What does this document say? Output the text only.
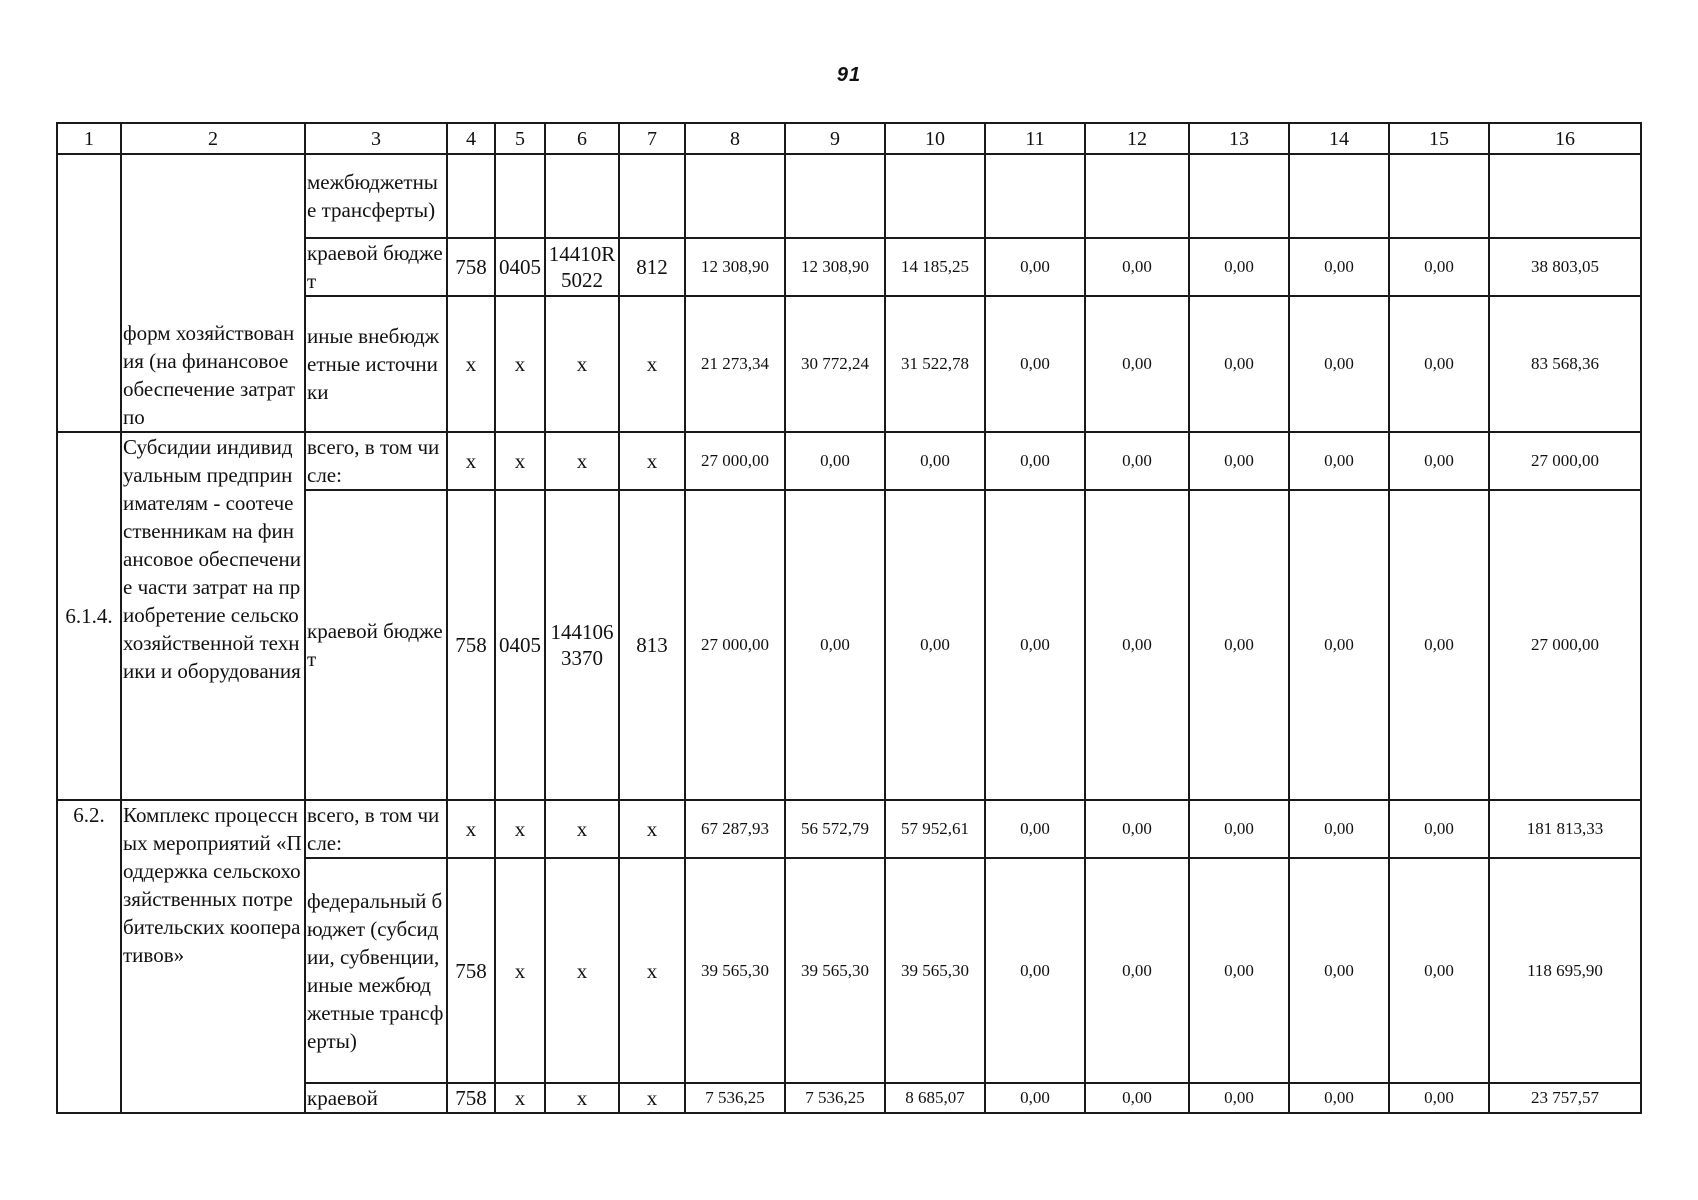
91
1	2	3	4	5	6	7	8	9	10	11	12	13	14	15	16
	форм хозяйствования (на финансовое обеспечение затрат по	межбюджетные трансферты)													
		краевой бюджет	758	0405	14410R5022	812	12 308,90	12 308,90	14 185,25	0,00	0,00	0,00	0,00	0,00	38 803,05
		иные внебюджетные источники	x	x	x	x	21 273,34	30 772,24	31 522,78	0,00	0,00	0,00	0,00	0,00	83 568,36
6.1.4.	Субсидии индивидуальным предпринимателям - соотечественникам на финансовое обеспечение части затрат на приобретение сельскохозяйственной техники и оборудования	всего, в том числе:	x	x	x	x	27 000,00	0,00	0,00	0,00	0,00	0,00	0,00	0,00	27 000,00
		краевой бюджет	758	0405	1441063370	813	27 000,00	0,00	0,00	0,00	0,00	0,00	0,00	0,00	27 000,00
6.2.	Комплекс процессных мероприятий «Поддержка сельскохозяйственных потребительских кооперативов»	всего, в том числе:	x	x	x	x	67 287,93	56 572,79	57 952,61	0,00	0,00	0,00	0,00	0,00	181 813,33
		федеральный бюджет (субсидии, субвенции, иные межбюджетные трансферты)	758	x	x	x	39 565,30	39 565,30	39 565,30	0,00	0,00	0,00	0,00	0,00	118 695,90
		краевой	758	x	x	x	7 536,25	7 536,25	8 685,07	0,00	0,00	0,00	0,00	0,00	23 757,57
